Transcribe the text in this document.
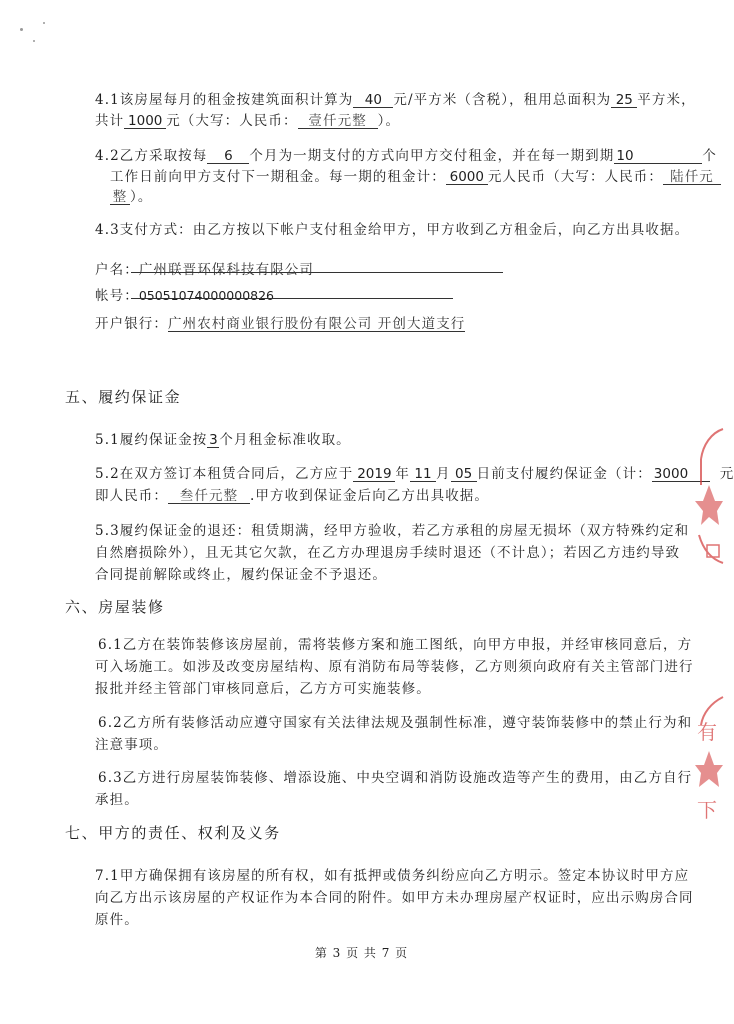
4.1该房屋每月的租金按建筑面积计算为 40 元/平方米（含税），租用总面积为 25 平方米，
共计 1000 元（大写：人民币： 壹仟元整 ）。
4.2乙方采取按每 6 个月为一期支付的方式向甲方交付租金，并在每一期到期 10	个
工作日前向甲方支付下一期租金。每一期的租金计： 6000 元人民币（大写：人民币： 陆仟元
整 ）。
4.3支付方式：由乙方按以下帐户支付租金给甲方，甲方收到乙方租金后，向乙方出具收据。
户名：广州联晋环保科技有限公司
帐号：05051074000000826
开户银行：广州农村商业银行股份有限公司 开创大道支行
五、履约保证金
5.1履约保证金按 3 个月租金标准收取。
5.2在双方签订本租赁合同后，乙方应于 2019 年 11 月 05 日前支付履约保证金（计： 3000 元
即人民币： 叁仟元整 .甲方收到保证金后向乙方出具收据。
5.3履约保证金的退还：租赁期满，经甲方验收，若乙方承租的房屋无损坏（双方特殊约定和
自然磨损除外），且无其它欠款，在乙方办理退房手续时退还（不计息）；若因乙方违约导致
合同提前解除或终止，履约保证金不予退还。
六、房屋装修
6.1乙方在装饰装修该房屋前，需将装修方案和施工图纸，向甲方申报，并经审核同意后，方
可入场施工。如涉及改变房屋结构、原有消防布局等装修，乙方则须向政府有关主管部门进行
报批并经主管部门审核同意后，乙方方可实施装修。
6.2乙方所有装修活动应遵守国家有关法律法规及强制性标准，遵守装饰装修中的禁止行为和
注意事项。
6.3乙方进行房屋装饰装修、增添设施、中央空调和消防设施改造等产生的费用，由乙方自行
承担。
七、甲方的责任、权利及义务
7.1甲方确保拥有该房屋的所有权，如有抵押或债务纠纷应向乙方明示。签定本协议时甲方应
向乙方出示该房屋的产权证作为本合同的附件。如甲方未办理房屋产权证时，应出示购房合同
原件。
第 3 页 共 7 页
有
下
